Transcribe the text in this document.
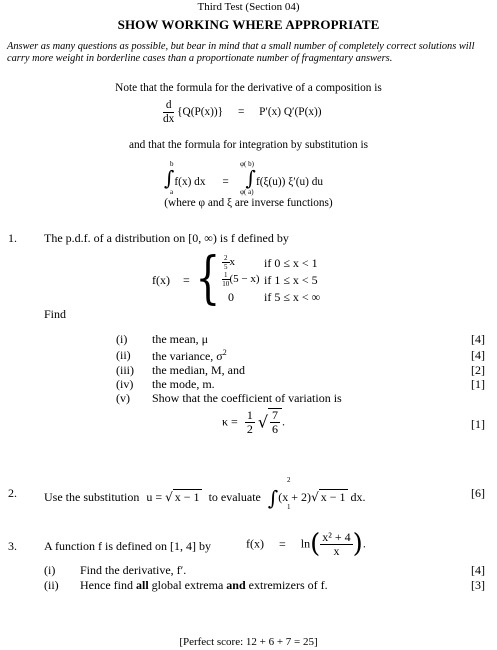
Third Test (Section 04)
SHOW WORKING WHERE APPROPRIATE
Answer as many questions as possible, but bear in mind that a small number of completely correct solutions will carry more weight in borderline cases than a proportionate number of fragmentary answers.
Note that the formula for the derivative of a composition is
$\frac{d}{dx} \{Q(P(x))\} = P'(x)$ Q′(P(x))
and that the formula for integration by substitution is
∫f(x) dx = ∫f(ξ(u)) ξ′(u) du
b
a
φ( b)
φ( a)
(where φ and ξ are inverse functions)
1. The p.d.f. of a distribution on [0, ∞) is f defined by
f(x) = { $\frac{2}{5}$ x if 0 ≤ x < 1
$\frac{1}{10} (5 - x)$ if 1 ≤ x < 5
0	if 5 ≤ x < ∞
Find
(i) the mean, μ	[4]
(ii) the variance, $\sigma^2$	[4]
(iii) the median, M, and	[2]
(iv) the mode, m.	[1]
(v) Show that the coefficient of variation is
$\kappa = \frac{1}{2}$ √ $\frac{7}{6}$ .	[1]
2. Use the substitution u = √ x − 1 to evaluate ∫(x + 2)√ x − 1 dx.
2
1
[6]
3. A function f is defined on [1, 4] by	$f(x) = \ln( \frac{\text{x² + 4}}{x}$ ).
(i) Find the derivative, f′.	[4]
(ii) Hence find all global extrema and extremizers of f.	[3]
[Perfect score: 12 + 6 + 7 = 25]
